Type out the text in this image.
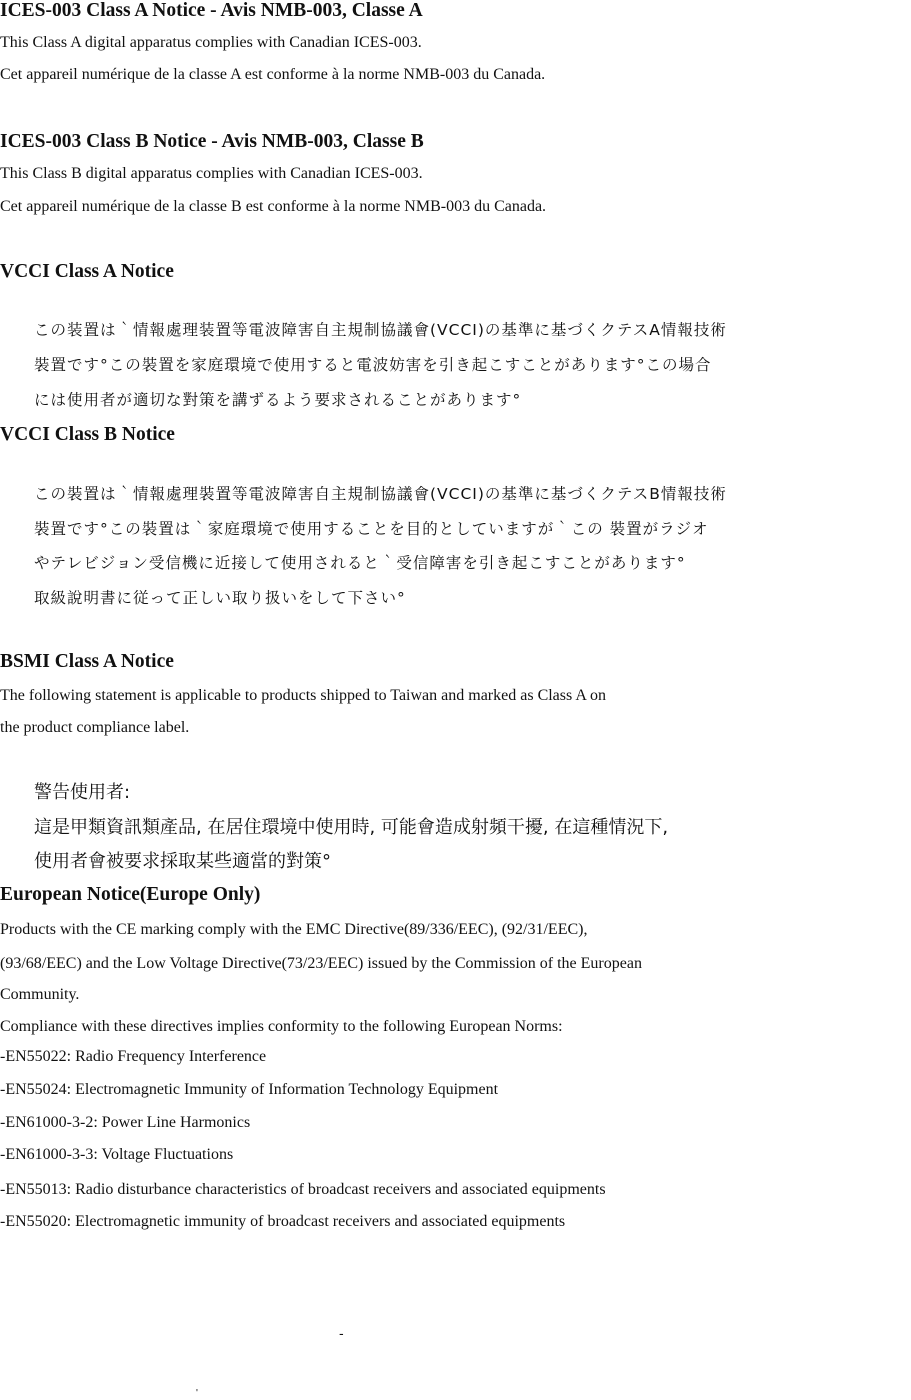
ICES-003 Class A Notice - Avis NMB-003, Classe A
This Class A digital apparatus complies with Canadian ICES-003.
Cet appareil numérique de la classe A est conforme à la norme NMB-003 du Canada.
ICES-003 Class B Notice - Avis NMB-003, Classe B
This Class B digital apparatus complies with Canadian ICES-003.
Cet appareil numérique de la classe B est conforme à la norme NMB-003 du Canada.
VCCI Class A Notice
この装置は｀情報處理装置等電波障害自主規制協議會(VCCI)の基準に基づくクテスA情報技術
裝置です°この裝置を家庭環境で使用すると電波妨害を引き起こすことがあります°この場合
には使用者が適切な對策を講ずるよう要求されることがあります°
VCCI Class B Notice
この裝置は｀情報處理裝置等電波障害自主規制協議會(VCCI)の基準に基づくクテスB情報技術
裝置です°この裝置は｀家庭環境で使用することを目的としていますが｀この 裝置がラジオ
やテレビジョン受信機に近接して使用されると｀受信障害を引き起こすことがあります°
取級說明書に従って正しい取り扱いをして下さい°
BSMI Class A Notice
The following statement is applicable to products shipped to Taiwan and marked as Class A on
the product compliance label.
警告使用者:
這是甲類資訊類產品, 在居住環境中使用時, 可能會造成射頻干擾, 在這種情況下,
使用者會被要求採取某些適當的對策°
European Notice(Europe Only)
Products with the CE marking comply with the EMC Directive(89/336/EEC), (92/31/EEC),
(93/68/EEC) and the Low Voltage Directive(73/23/EEC) issued by the Commission of the European
Community.
Compliance with these directives implies conformity to the following European Norms:
-EN55022: Radio Frequency Interference
-EN55024: Electromagnetic Immunity of Information Technology Equipment
-EN61000-3-2: Power Line Harmonics
-EN61000-3-3: Voltage Fluctuations
-EN55013: Radio disturbance characteristics of broadcast receivers and associated equipments
-EN55020: Electromagnetic immunity of broadcast receivers and associated equipments
-
'
